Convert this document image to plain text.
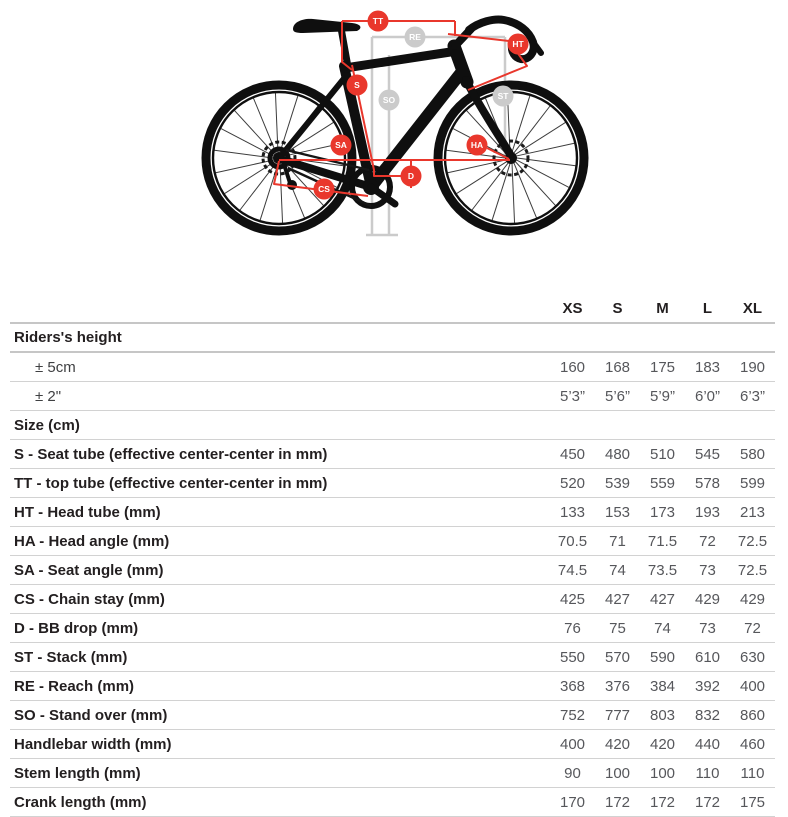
TT
RE
HT
S
SO	ST
SA	HA
D
CS
XS	S	M	L	XL
Riders's height
± 5cm	160	168	175	183	190
± 2"	5’3”	5’6”	5’9”	6’0”	6’3”
Size (cm)
S - Seat tube (effective center-center in mm)	450	480	510	545	580
TT - top tube (effective center-center in mm)	520	539	559	578	599
HT - Head tube (mm)	133	153	173	193	213
HA - Head angle (mm)	70.5	71	71.5	72	72.5
SA - Seat angle (mm)	74.5	74	73.5	73	72.5
CS - Chain stay (mm)	425	427	427	429	429
D - BB drop (mm)	76	75	74	73	72
ST - Stack (mm)	550	570	590	610	630
RE - Reach (mm)	368	376	384	392	400
SO - Stand over (mm)	752	777	803	832	860
Handlebar width (mm)	400	420	420	440	460
Stem length (mm)	90	100	100	110	110
Crank length (mm)	170	172	172	172	175
